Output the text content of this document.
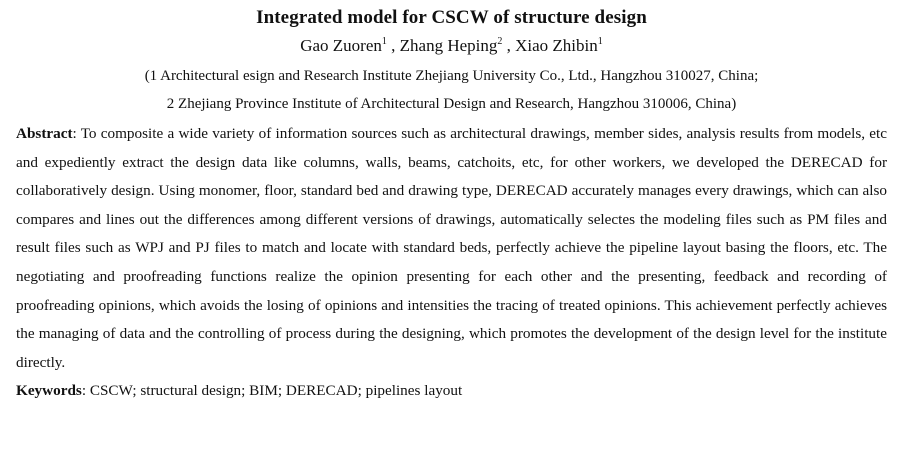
Integrated model for CSCW of structure design

Gao Zuoren$^1$ , Zhang Heping$^2$ , Xiao Zhibin$^1$

(1 Architectural esign and Research Institute Zhejiang University Co., Ltd., Hangzhou 310027, China;

2 Zhejiang Province Institute of Architectural Design and Research, Hangzhou 310006, China)

Abstract: To composite a wide variety of information sources such as architectural drawings, member sides, analysis results from models, etc and expediently extract the design data like columns, walls, beams, catchoits, etc, for other workers, we developed the DERECAD for collaboratively design. Using monomer, floor, standard bed and drawing type, DERECAD accurately manages every drawings, which can also compares and lines out the differences among different versions of drawings, automatically selectes the modeling files such as PM files and result files such as WPJ and PJ files to match and locate with standard beds, perfectly achieve the pipeline layout basing the floors, etc. The negotiating and proofreading functions realize the opinion presenting for each other and the presenting, feedback and recording of proofreading opinions, which avoids the losing of opinions and intensities the tracing of treated opinions. This achievement perfectly achieves the managing of data and the controlling of process during the designing, which promotes the development of the design level for the institute directly.

Keywords: CSCW; structural design; BIM; DERECAD; pipelines layout
